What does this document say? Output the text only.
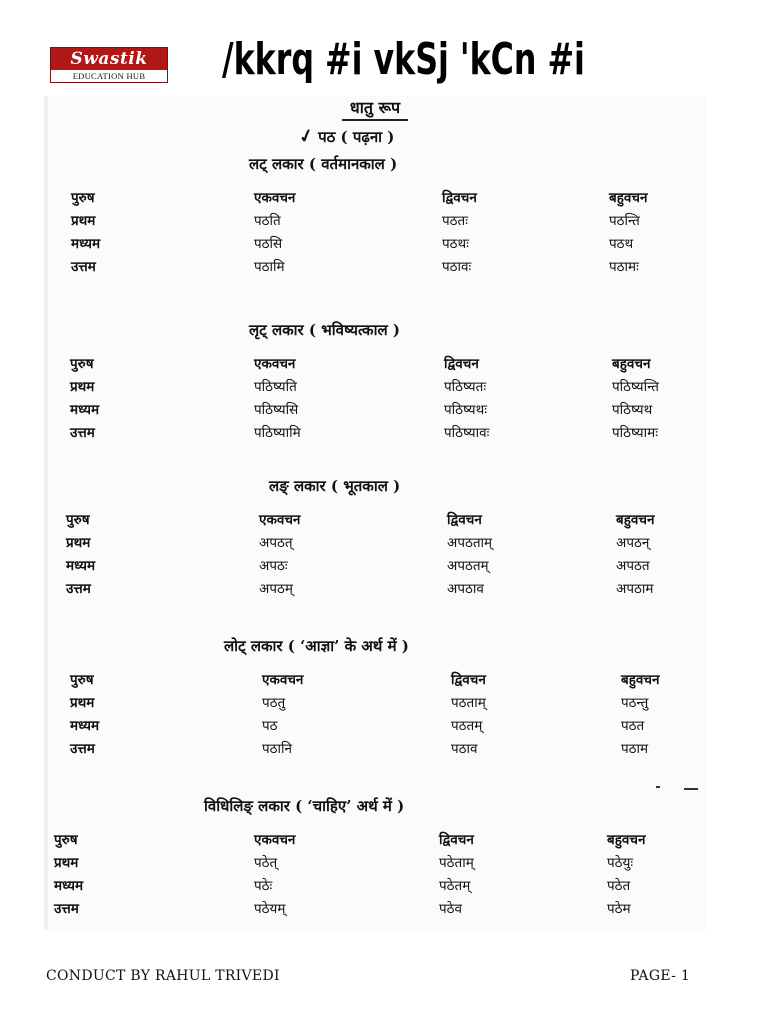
Swastik
EDUCATION HUB	/kkrq #i vkSj 'kCn #i
धातु रूप
✓ पठ ( पढ़ना )
लट् लकार ( वर्तमानकाल )
पुरुष	एकवचन	द्विवचन	बहुवचन
प्रथम	पठति	पठतः	पठन्ति
मध्यम	पठसि	पठथः	पठथ
उत्तम	पठामि	पठावः	पठामः
लृट् लकार ( भविष्यत्काल )
पुरुष	एकवचन	द्विवचन	बहुवचन
प्रथम	पठिष्यति	पठिष्यतः	पठिष्यन्ति
मध्यम	पठिष्यसि	पठिष्यथः	पठिष्यथ
उत्तम	पठिष्यामि	पठिष्यावः	पठिष्यामः
लङ् लकार ( भूतकाल )
पुरुष	एकवचन	द्विवचन	बहुवचन
प्रथम	अपठत्	अपठताम्	अपठन्
मध्यम	अपठः	अपठतम्	अपठत
उत्तम	अपठम्	अपठाव	अपठाम
लोट् लकार ( ‘आज्ञा’ के अर्थ में )
पुरुष	एकवचन	द्विवचन	बहुवचन
प्रथम	पठतु	पठताम्	पठन्तु
मध्यम	पठ	पठतम्	पठत
उत्तम	पठानि	पठाव	पठाम
विधिलिङ् लकार ( ‘चाहिए’ अर्थ में )
पुरुष	एकवचन	द्विवचन	बहुवचन
प्रथम	पठेत्	पठेताम्	पठेयुः
मध्यम	पठेः	पठेतम्	पठेत
उत्तम	पठेयम्	पठेव	पठेम
CONDUCT BY RAHUL TRIVEDI	PAGE- 1
